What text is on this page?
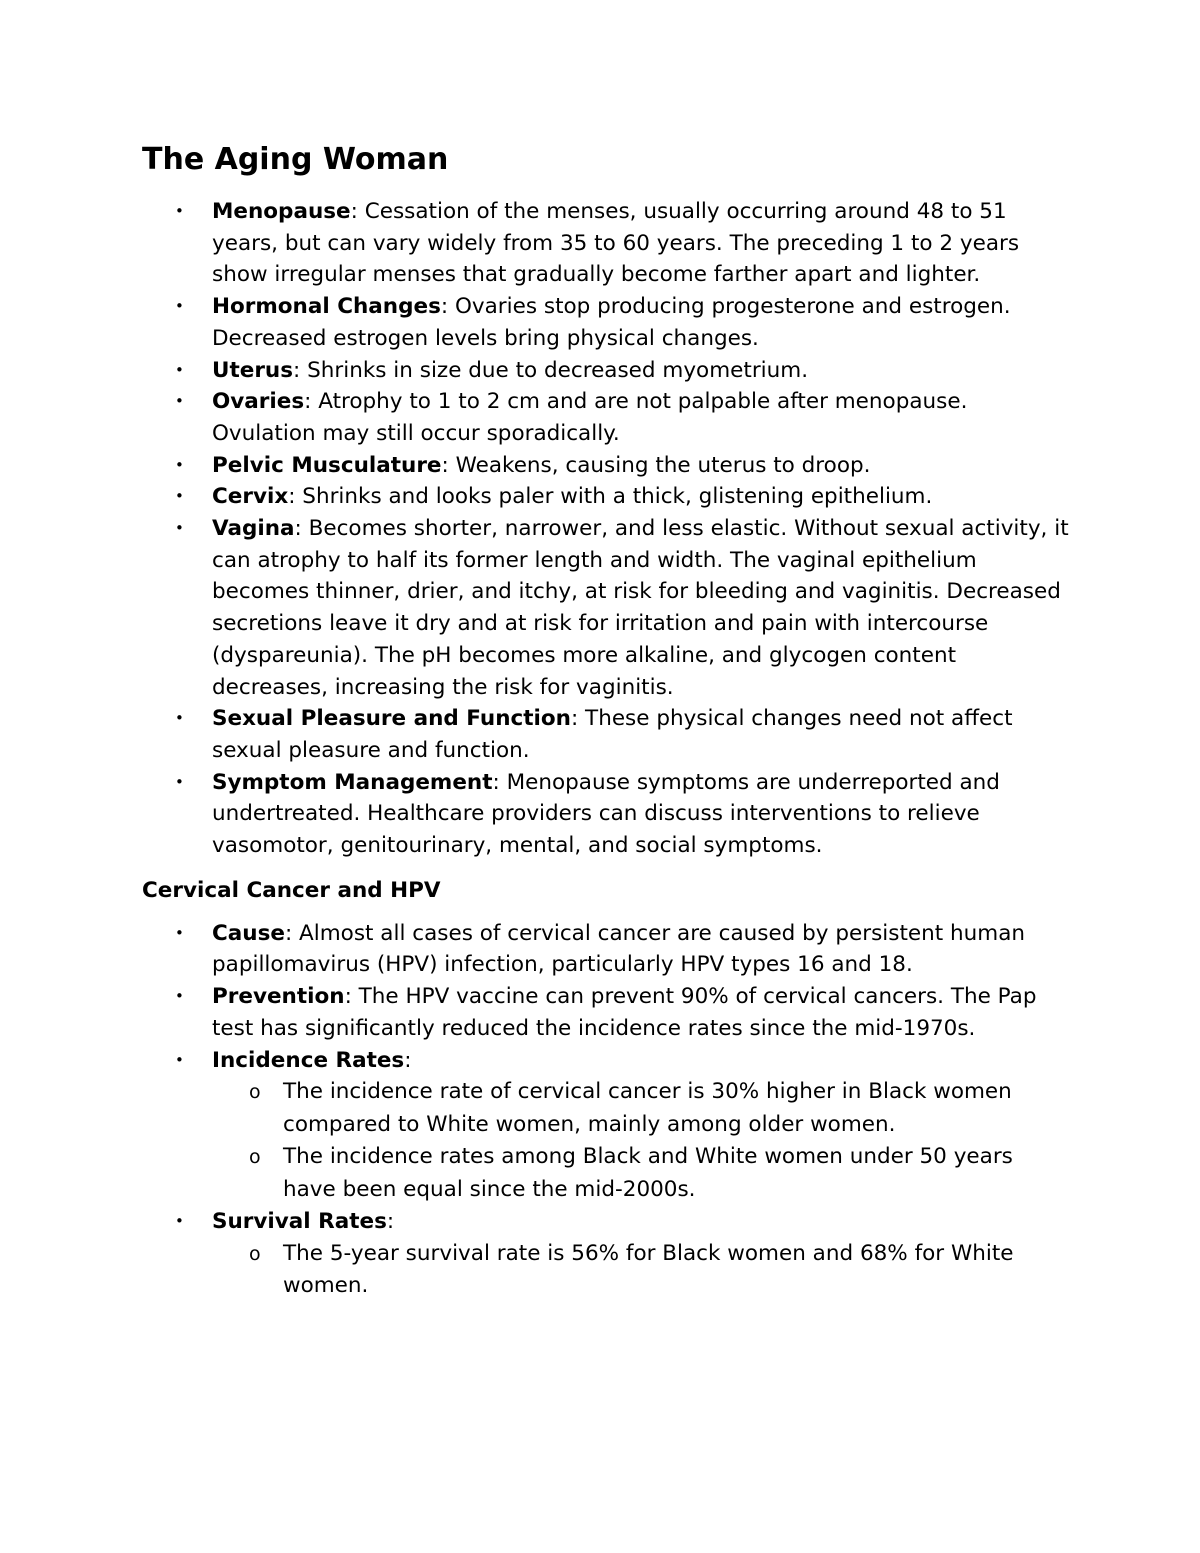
The Aging Woman
• Menopause: Cessation of the menses, usually occurring around 48 to 51 years, but can vary widely from 35 to 60 years. The preceding 1 to 2 years show irregular menses that gradually become farther apart and lighter.
• Hormonal Changes: Ovaries stop producing progesterone and estrogen. Decreased estrogen levels bring physical changes.
• Uterus: Shrinks in size due to decreased myometrium.
• Ovaries: Atrophy to 1 to 2 cm and are not palpable after menopause. Ovulation may still occur sporadically.
• Pelvic Musculature: Weakens, causing the uterus to droop.
• Cervix: Shrinks and looks paler with a thick, glistening epithelium.
• Vagina: Becomes shorter, narrower, and less elastic. Without sexual activity, it can atrophy to half its former length and width. The vaginal epithelium becomes thinner, drier, and itchy, at risk for bleeding and vaginitis. Decreased secretions leave it dry and at risk for irritation and pain with intercourse (dyspareunia). The pH becomes more alkaline, and glycogen content decreases, increasing the risk for vaginitis.
• Sexual Pleasure and Function: These physical changes need not affect sexual pleasure and function.
• Symptom Management: Menopause symptoms are underreported and undertreated. Healthcare providers can discuss interventions to relieve vasomotor, genitourinary, mental, and social symptoms.
Cervical Cancer and HPV
• Cause: Almost all cases of cervical cancer are caused by persistent human papillomavirus (HPV) infection, particularly HPV types 16 and 18.
• Prevention: The HPV vaccine can prevent 90% of cervical cancers. The Pap test has significantly reduced the incidence rates since the mid-1970s.
• Incidence Rates:
o	The incidence rate of cervical cancer is 30% higher in Black women compared to White women, mainly among older women.
o	The incidence rates among Black and White women under 50 years have been equal since the mid-2000s.
• Survival Rates:
o	The 5-year survival rate is 56% for Black women and 68% for White women.
